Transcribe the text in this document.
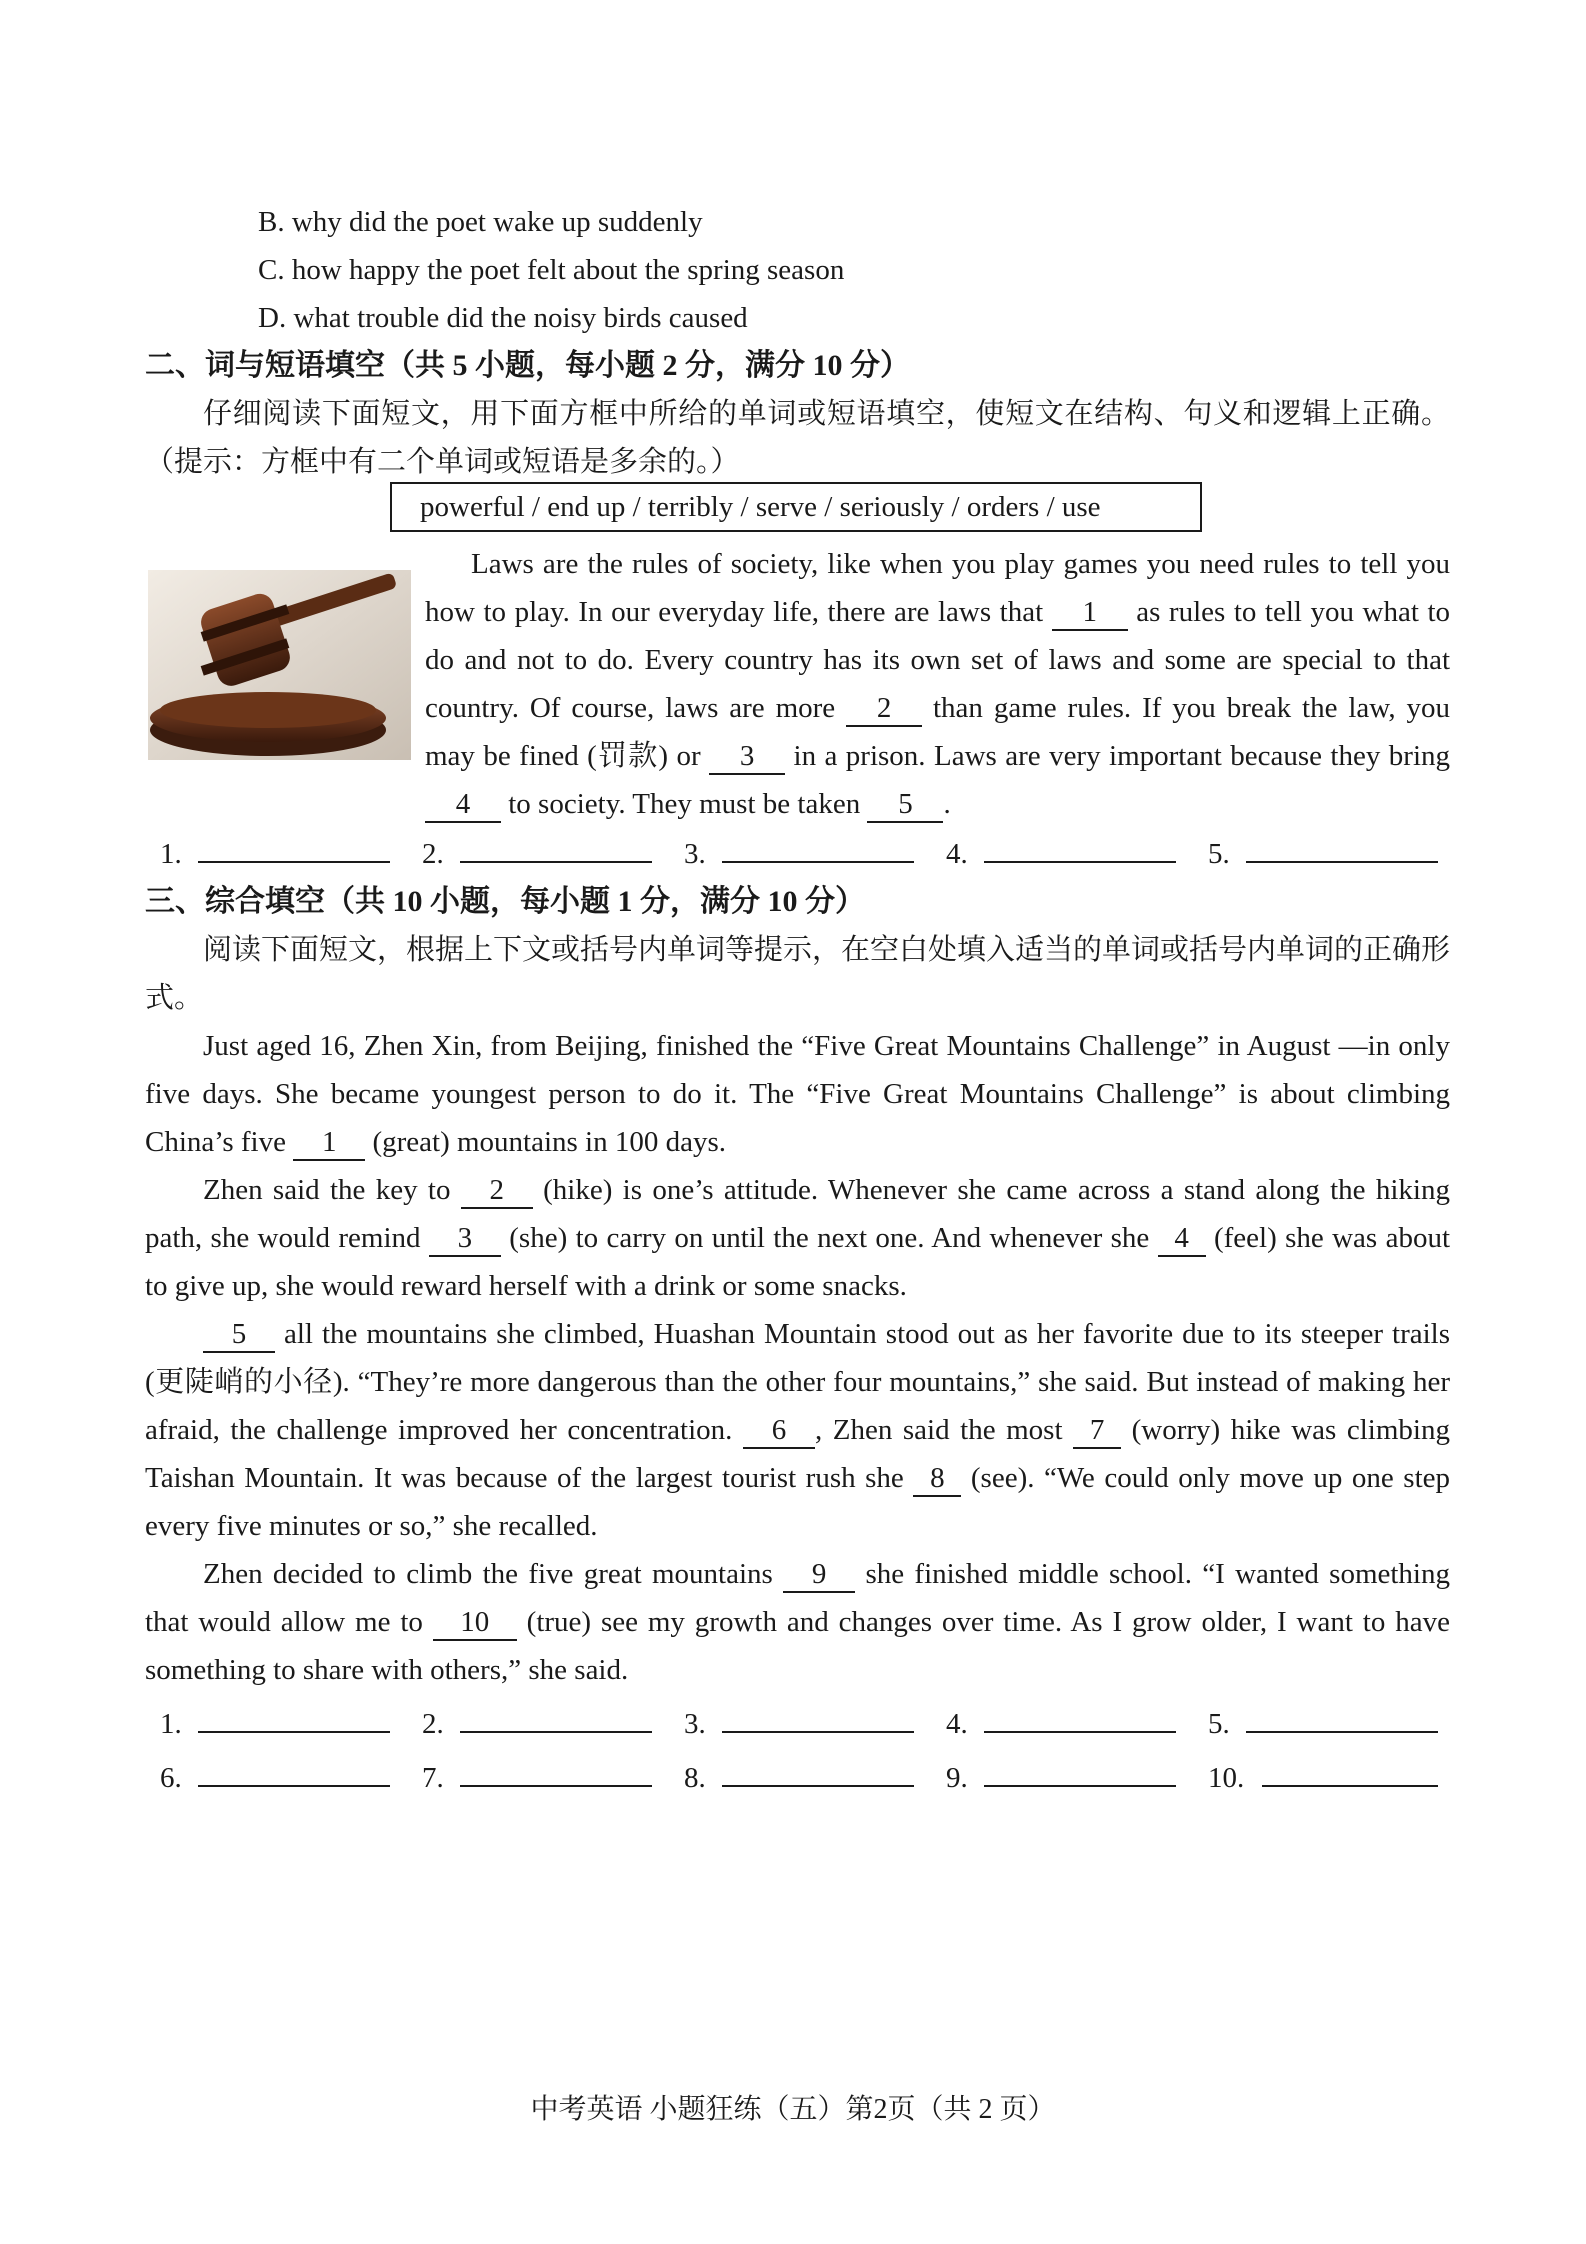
B. why did the poet wake up suddenly
C. how happy the poet felt about the spring season
D. what trouble did the noisy birds caused
二、词与短语填空（共 5 小题，每小题 2 分，满分 10 分）
仔细阅读下面短文，用下面方框中所给的单词或短语填空，使短文在结构、句义和逻辑上正确。（提示：方框中有二个单词或短语是多余的。）
powerful / end up / terribly / serve / seriously / orders / use
Laws are the rules of society, like when you play games you need rules to tell you how to play. In our everyday life, there are laws that 1 as rules to tell you what to do and not to do. Every country has its own set of laws and some are special to that country. Of course, laws are more 2 than game rules. If you break the law, you may be fined (罚款) or 3 in a prison. Laws are very important because they bring 4 to society. They must be taken 5 .
1.	2.	3.	4.	5.
三、综合填空（共 10 小题，每小题 1 分，满分 10 分）
阅读下面短文，根据上下文或括号内单词等提示，在空白处填入适当的单词或括号内单词的正确形式。
Just aged 16, Zhen Xin, from Beijing, finished the “Five Great Mountains Challenge” in August —in only five days. She became youngest person to do it. The “Five Great Mountains Challenge” is about climbing China’s five 1 (great) mountains in 100 days.
Zhen said the key to 2 (hike) is one’s attitude. Whenever she came across a stand along the hiking path, she would remind 3 (she) to carry on until the next one. And whenever she 4 (feel) she was about to give up, she would reward herself with a drink or some snacks.
5 all the mountains she climbed, Huashan Mountain stood out as her favorite due to its steeper trails (更陡峭的小径). “They’re more dangerous than the other four mountains,” she said. But instead of making her afraid, the challenge improved her concentration. 6 , Zhen said the most 7 (worry) hike was climbing Taishan Mountain. It was because of the largest tourist rush she 8 (see). “We could only move up one step every five minutes or so,” she recalled.
Zhen decided to climb the five great mountains 9 she finished middle school. “I wanted something that would allow me to 10 (true) see my growth and changes over time. As I grow older, I want to have something to share with others,” she said.
1.	2.	3.	4.	5.
6.	7.	8.	9.	10.
中考英语 小题狂练（五）第2页（共 2 页）
